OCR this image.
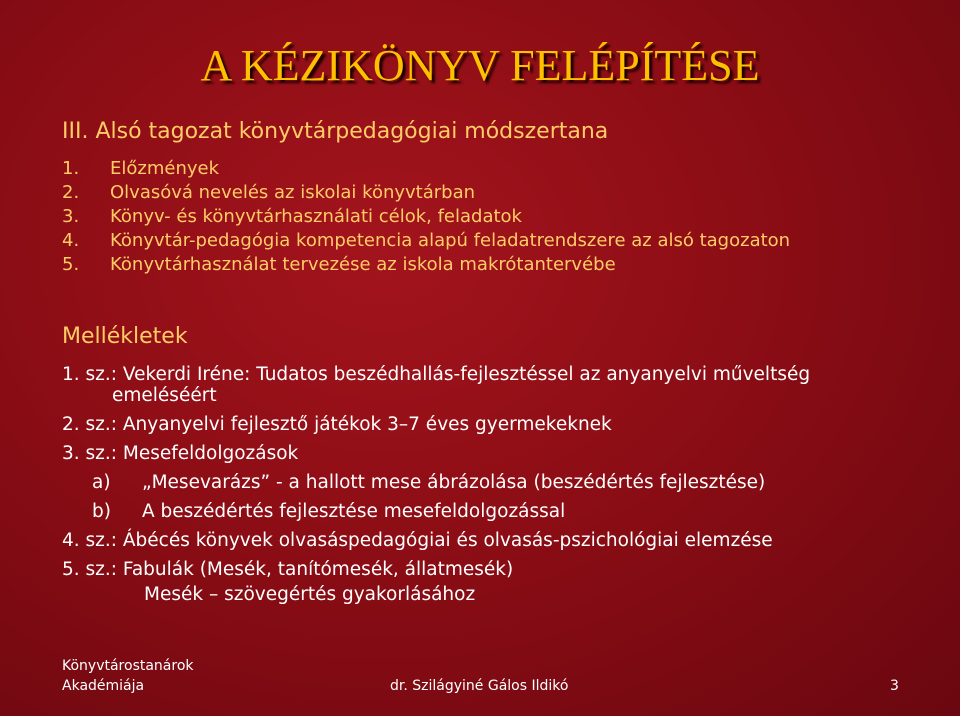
A KÉZIKÖNYV FELÉPÍTÉSE
III. Alsó tagozat könyvtárpedagógiai módszertana
1.	Előzmények
2.	Olvasóvá nevelés az iskolai könyvtárban
3.	Könyv- és könyvtárhasználati célok, feladatok
4.	Könyvtár-pedagógia kompetencia alapú feladatrendszere az alsó tagozaton
5.	Könyvtárhasználat tervezése az iskola makrótantervébe
Mellékletek
1. sz.: Vekerdi Iréne: Tudatos beszédhallás-fejlesztéssel az anyanyelvi műveltség emeléséért
2. sz.: Anyanyelvi fejlesztő játékok 3–7 éves gyermekeknek
3. sz.: Mesefeldolgozások
a) „Mesevarázs” - a hallott mese ábrázolása (beszédértés fejlesztése)
b) A beszédértés fejlesztése mesefeldolgozással
4. sz.: Ábécés könyvek olvasáspedagógiai és olvasás-pszichológiai elemzése
5. sz.: Fabulák (Mesék, tanítómesék, állatmesék)
Mesék – szövegértés gyakorlásához
Könyvtárostanárok
Akadémiája	dr. Szilágyiné Gálos Ildikó	3
